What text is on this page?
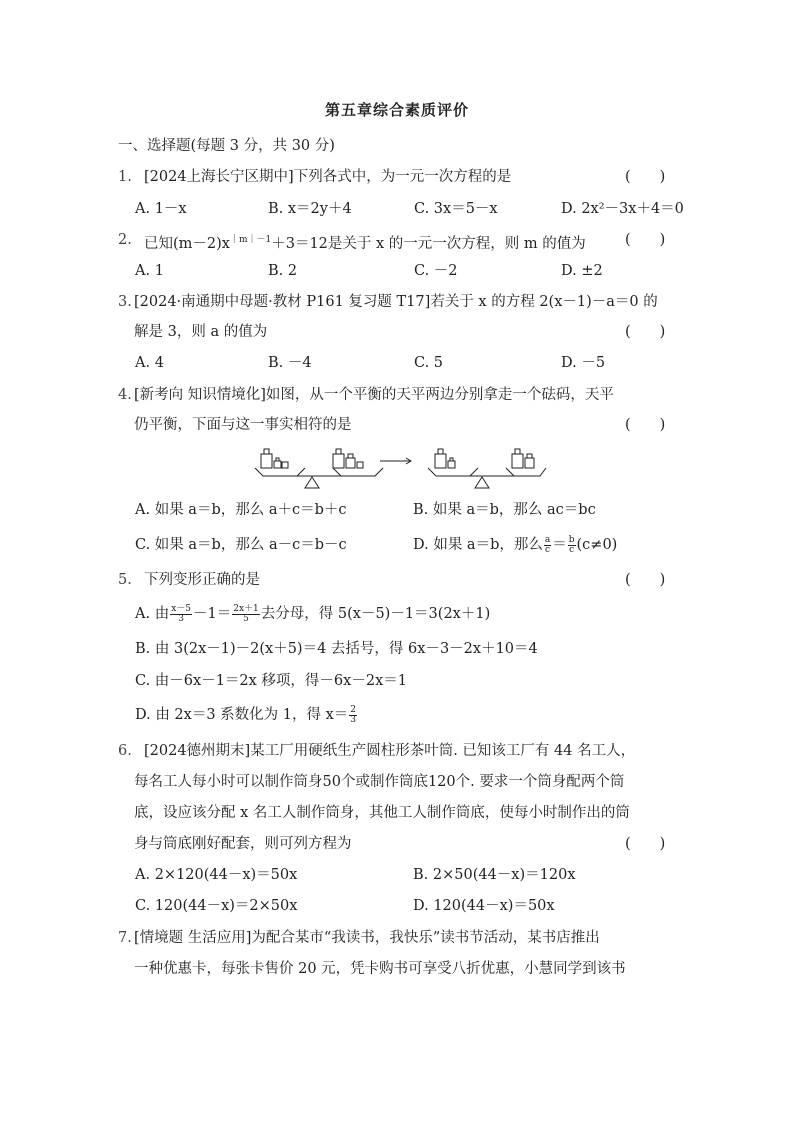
第五章综合素质评价
一、选择题(每题 3 分，共 30 分)
1. [2024上海长宁区期中]下列各式中，为一元一次方程的是	(　　)
A. 1－x	B. x＝2y＋4	C. 3x＝5－x	D. 2x²－3x＋4＝0
2. 已知$(m-2)x^{|m|-1}+3=12$是关于 x 的一元一次方程，则 m 的值为	(　　)
A. 1	B. 2	C. －2	D. ±2
3. [2024·南通期中母题·教材 P161 复习题 T17]若关于 x 的方程 2(x－1)－a＝0 的
解是 3，则 a 的值为	(　　)
A. 4	B. －4	C. 5	D. －5
4. [新考向 知识情境化]如图，从一个平衡的天平两边分别拿走一个砝码，天平
仍平衡，下面与这一事实相符的是	(　　)
A. 如果 a＝b，那么 a＋c＝b＋c	B. 如果 a＝b，那么 ac＝bc
C. 如果 a＝b，那么 a－c＝b－c	D. 如果 a＝b，那么 $\frac{a}{c} = \frac{b}{c} (c\ne 0)$
5. 下列变形正确的是	(　　)
A. 由 $\frac{x-5}{3} -1= \frac{2x+1}{5}$ 去分母，得 5(x－5)－1＝3(2x＋1)
B. 由 3(2x－1)－2(x＋5)＝4 去括号，得 6x－3－2x＋10＝4
C. 由－6x－1＝2x 移项，得－6x－2x＝1
D. 由 2x＝3 系数化为 1，得 $x= \frac{2}{3}$
6. [2024德州期末]某工厂用硬纸生产圆柱形茶叶筒. 已知该工厂有 44 名工人，
每名工人每小时可以制作筒身50个或制作筒底120个. 要求一个筒身配两个筒
底，设应该分配 x 名工人制作筒身，其他工人制作筒底，使每小时制作出的筒
身与筒底刚好配套，则可列方程为	(　　)
A. 2×120(44－x)＝50x	B. 2×50(44－x)＝120x
C. 120(44－x)＝2×50x	D. 120(44－x)＝50x
7. [情境题 生活应用]为配合某市“我读书，我快乐”读书节活动，某书店推出
一种优惠卡，每张卡售价 20 元，凭卡购书可享受八折优惠，小慧同学到该书
